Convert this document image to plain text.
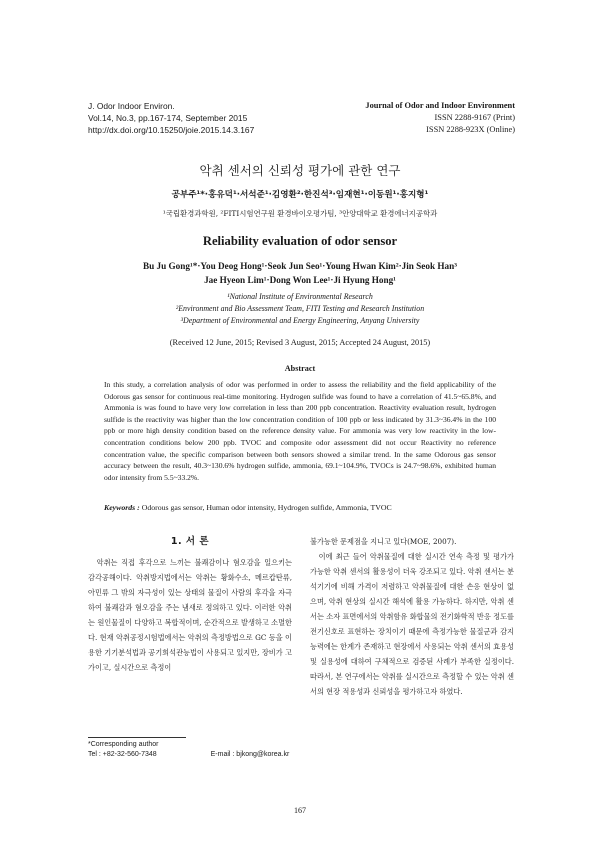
J. Odor Indoor Environ.
Vol.14, No.3, pp.167-174, September 2015
http://dx.doi.org/10.15250/joie.2015.14.3.167
Journal of Odor and Indoor Environment
ISSN 2288-9167 (Print)
ISSN 2288-923X (Online)
악취 센서의 신뢰성 평가에 관한 연구
공부주¹*·홍유덕¹·서석준¹·김영환²·한진석³·임재현¹·이동원¹·홍지형¹
¹국립환경과학원, ²FITI시험연구원 환경바이오평가팀, ³안양대학교 환경에너지공학과
Reliability evaluation of odor sensor
Bu Ju Gong¹*·You Deog Hong¹·Seok Jun Seo¹·Young Hwan Kim²·Jin Seok Han³
Jae Hyeon Lim¹·Dong Won Lee¹·Ji Hyung Hong¹
¹National Institute of Environmental Research
²Environment and Bio Assessment Team, FITI Testing and Research Institution
³Department of Environmental and Energy Engineering, Anyang University
(Received 12 June, 2015; Revised 3 August, 2015; Accepted 24 August, 2015)
Abstract
In this study, a correlation analysis of odor was performed in order to assess the reliability and the field applicability of the Odorous gas sensor for continuous real-time monitoring. Hydrogen sulfide was found to have a correlation of 41.5~65.8%, and Ammonia is was found to have very low correlation in less than 200 ppb concentration. Reactivity evaluation result, hydrogen sulfide is the reactivity was higher than the low concentration condition of 100 ppb or less indicated by 31.3~36.4% in the 100 ppb or more high density condition based on the reference density value. For ammonia was very low reactivity in the low-concentration conditions below 200 ppb. TVOC and composite odor assessment did not occur Reactivity no reference concentration value, the specific comparison between both sensors showed a similar trend. In the same Odorous gas sensor accuracy between the result, 40.3~130.6% hydrogen sulfide, ammonia, 69.1~104.9%, TVOCs is 24.7~98.6%, exhibited human odor intensity from 5.5~33.2%.
Keywords : Odorous gas sensor, Human odor intensity, Hydrogen sulfide, Ammonia, TVOC
1. 서 론

악취는 직접 후각으로 느끼는 불쾌감이나 혐오감을 일으키는 감각공해이다. 악취방지법에서는 악취는 황화수소, 메르캅탄류, 아민류 그 밖의 자극성이 있는 상태의 물질이 사람의 후각을 자극하여 불쾌감과 혐오감을 주는 냄새로 정의하고 있다. 이러한 악취는 원인물질이 다양하고 복합적이며, 순간적으로 발생하고 소멸한다. 현재 악취공정시험법에서는 악취의 측정방법으로 GC 등을 이용한 기기분석법과 공기희석관능법이 사용되고 있지만, 장비가 고가이고, 실시간으로 측정이

불가능한 문제점을 지니고 있다(MOE, 2007).

이에 최근 들어 악취물질에 대한 실시간 연속 측정 및 평가가 가능한 악취 센서의 활용성이 더욱 강조되고 있다. 악취 센서는 분석기기에 비해 가격이 저렴하고 악취물질에 대한 손응 현상이 없으며, 악취 현상의 실시간 해석에 활용 가능하다. 하지만, 악취 센서는 소자 표면에서의 악취함유 화합물의 전기화학적 반응 정도를 전기신호로 표현하는 장치이기 때문에 측정가능한 물질군과 감지능력에는 한계가 존재하고 현장에서 사용되는 악취 센서의 효용성 및 실용성에 대하여 구체적으로 검증된 사례가 부족한 실정이다. 따라서, 본 연구에서는 악취를 실시간으로 측정할 수 있는 악취 센서의 현장 적용성과 신뢰성을 평가하고자 하였다.

*Corresponding author
Tel : +82-32-560-7348	E-mail : bjkong@korea.kr
167
